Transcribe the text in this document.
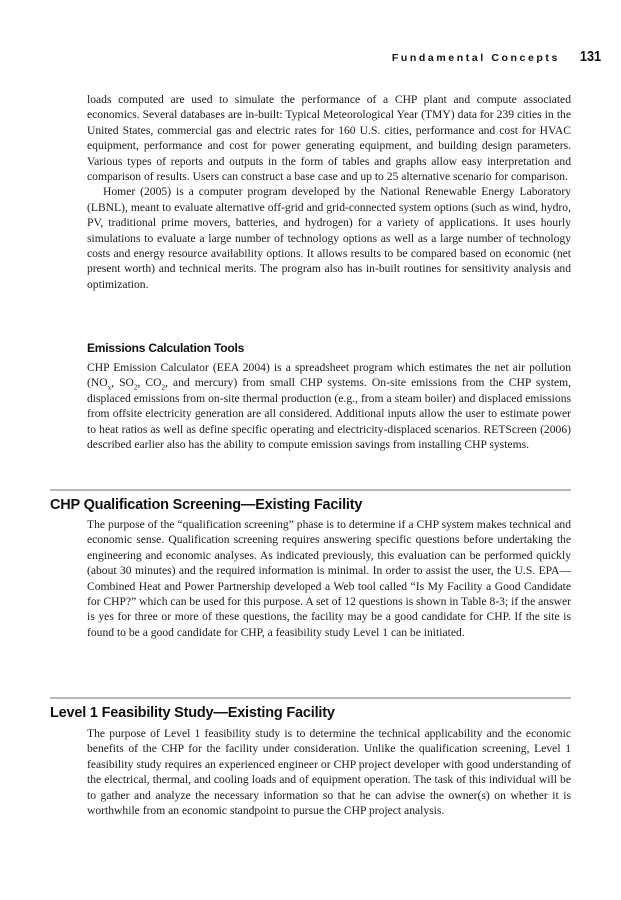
Fundamental Concepts 131

loads computed are used to simulate the performance of a CHP plant and compute associated economics. Several databases are in-built: Typical Meteorological Year (TMY) data for 239 cities in the United States, commercial gas and electric rates for 160 U.S. cities, performance and cost for HVAC equipment, performance and cost for power generating equipment, and building design parameters. Various types of reports and outputs in the form of tables and graphs allow easy interpretation and comparison of results. Users can construct a base case and up to 25 alternative scenario for comparison.

Homer (2005) is a computer program developed by the National Renewable Energy Laboratory (LBNL), meant to evaluate alternative off-grid and grid-connected system options (such as wind, hydro, PV, traditional prime movers, batteries, and hydrogen) for a variety of applications. It uses hourly simulations to evaluate a large number of technology options as well as a large number of technology costs and energy resource availability options. It allows results to be compared based on economic (net present worth) and technical merits. The program also has in-built routines for sensitivity analysis and optimization.

Emissions Calculation Tools

CHP Emission Calculator (EEA 2004) is a spreadsheet program which estimates the net air pollution ($NO_x$, $SO_2$, $CO_2$, and mercury) from small CHP systems. On-site emissions from the CHP system, displaced emissions from on-site thermal production (e.g., from a steam boiler) and displaced emissions from offsite electricity generation are all considered. Additional inputs allow the user to estimate power to heat ratios as well as define specific operating and electricity-displaced scenarios. RETScreen (2006) described earlier also has the ability to compute emission savings from installing CHP systems.

CHP Qualification Screening—Existing Facility

The purpose of the “qualification screening” phase is to determine if a CHP system makes technical and economic sense. Qualification screening requires answering specific questions before undertaking the engineering and economic analyses. As indicated previously, this evaluation can be performed quickly (about 30 minutes) and the required information is minimal. In order to assist the user, the U.S. EPA—Combined Heat and Power Partnership developed a Web tool called “Is My Facility a Good Candidate for CHP?” which can be used for this purpose. A set of 12 questions is shown in Table 8-3; if the answer is yes for three or more of these questions, the facility may be a good candidate for CHP. If the site is found to be a good candidate for CHP, a feasibility study Level 1 can be initiated.

Level 1 Feasibility Study—Existing Facility

The purpose of Level 1 feasibility study is to determine the technical applicability and the economic benefits of the CHP for the facility under consideration. Unlike the qualification screening, Level 1 feasibility study requires an experienced engineer or CHP project developer with good understanding of the electrical, thermal, and cooling loads and of equipment operation. The task of this individual will be to gather and analyze the necessary information so that he can advise the owner(s) on whether it is worthwhile from an economic standpoint to pursue the CHP project analysis.
